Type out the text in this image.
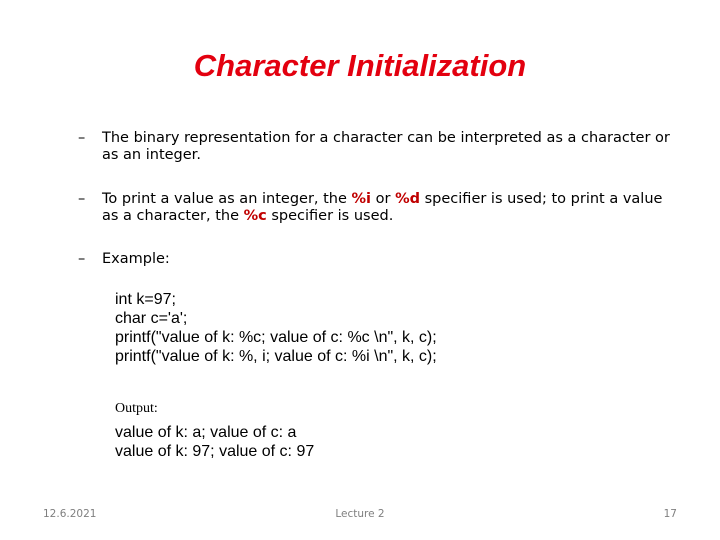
Character Initialization
– The binary representation for a character can be interpreted as a character or as an integer.
– To print a value as an integer, the %i or %d specifier is used; to print a value as a character, the %c specifier is used.
– Example:
int k=97;
char c='a';
printf("value of k: %c; value of c: %c \n", k, c);
printf("value of k: %, i; value of c: %i \n", k, c);
Output:
value of k: a; value of c: a
value of k: 97; value of c: 97
12.6.2021	Lecture 2	17
